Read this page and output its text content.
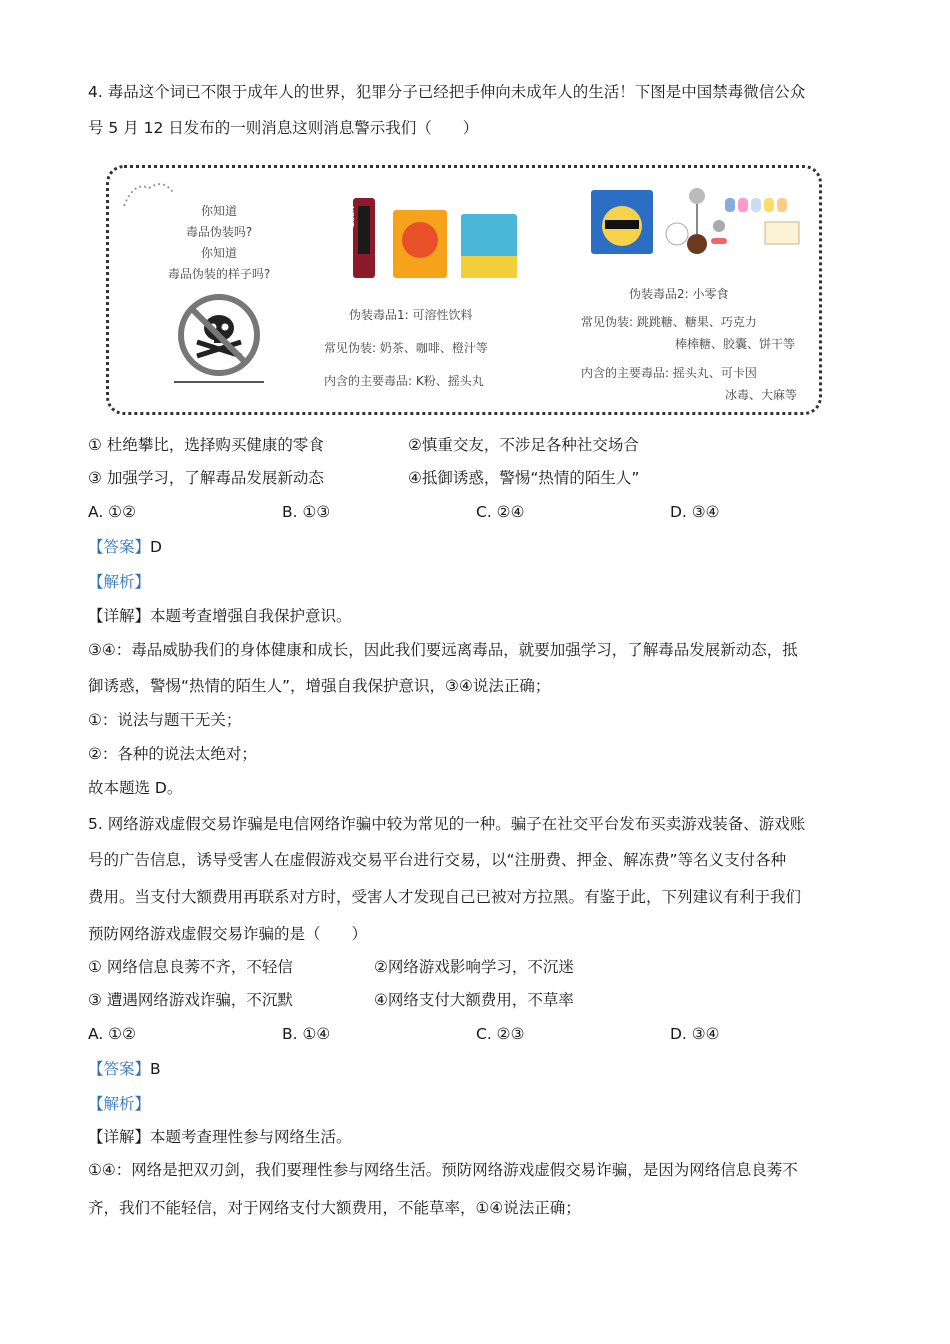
4. 毒品这个词已不限于成年人的世界，犯罪分子已经把手伸向未成年人的生活！下图是中国禁毒微信公众
号 5 月 12 日发布的一则消息这则消息警示我们（　　）
你知道
毒品伪装吗?
你知道
毒品伪装的样子吗?
NERT
伪装毒品1: 可溶性饮料
常见伪装: 奶茶、咖啡、橙汁等
内含的主要毒品: K粉、摇头丸
伪装毒品2: 小零食
常见伪装: 跳跳糖、糖果、巧克力
棒棒糖、胶囊、饼干等
内含的主要毒品: 摇头丸、可卡因
冰毒、大麻等
① 杜绝攀比，选择购买健康的零食	②慎重交友，不涉足各种社交场合
③ 加强学习，了解毒品发展新动态	④抵御诱惑，警惕“热情的陌生人”
A. ①②	B. ①③	C. ②④	D. ③④
【答案】D
【解析】
【详解】本题考查增强自我保护意识。
③④：毒品威胁我们的身体健康和成长，因此我们要远离毒品，就要加强学习，了解毒品发展新动态，抵
御诱惑，警惕“热情的陌生人”，增强自我保护意识，③④说法正确；
①：说法与题干无关；
②：各种的说法太绝对；
故本题选 D。
5. 网络游戏虚假交易诈骗是电信网络诈骗中较为常见的一种。骗子在社交平台发布买卖游戏装备、游戏账
号的广告信息，诱导受害人在虚假游戏交易平台进行交易，以“注册费、押金、解冻费”等名义支付各种
费用。当支付大额费用再联系对方时，受害人才发现自己已被对方拉黑。有鉴于此，下列建议有利于我们
预防网络游戏虚假交易诈骗的是（　　）
① 网络信息良莠不齐，不轻信	②网络游戏影响学习，不沉迷
③ 遭遇网络游戏诈骗，不沉默	④网络支付大额费用，不草率
A. ①②	B. ①④	C. ②③	D. ③④
【答案】B
【解析】
【详解】本题考查理性参与网络生活。
①④：网络是把双刃剑，我们要理性参与网络生活。预防网络游戏虚假交易诈骗，是因为网络信息良莠不
齐，我们不能轻信，对于网络支付大额费用，不能草率，①④说法正确；
